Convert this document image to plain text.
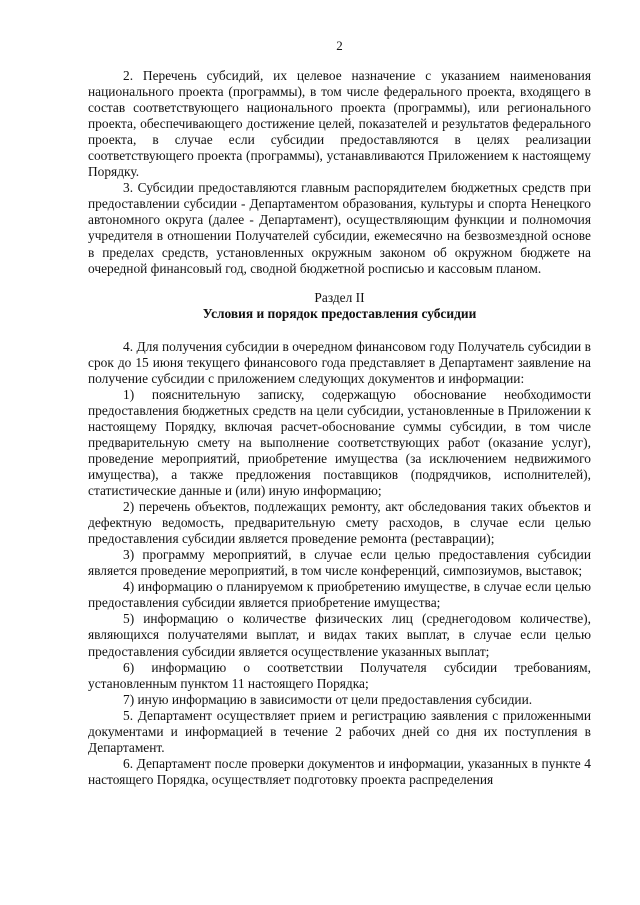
2

2. Перечень субсидий, их целевое назначение с указанием наименования национального проекта (программы), в том числе федерального проекта, входящего в состав соответствующего национального проекта (программы), или регионального проекта, обеспечивающего достижение целей, показателей и результатов федерального проекта, в случае если субсидии предоставляются в целях реализации соответствующего проекта (программы), устанавливаются Приложением к настоящему Порядку.

3. Субсидии предоставляются главным распорядителем бюджетных средств при предоставлении субсидии - Департаментом образования, культуры и спорта Ненецкого автономного округа (далее - Департамент), осуществляющим функции и полномочия учредителя в отношении Получателей субсидии, ежемесячно на безвозмездной основе в пределах средств, установленных окружным законом об окружном бюджете на очередной финансовый год, сводной бюджетной росписью и кассовым планом.

Раздел II

Условия и порядок предоставления субсидии

4. Для получения субсидии в очередном финансовом году Получатель субсидии в срок до 15 июня текущего финансового года представляет в Департамент заявление на получение субсидии с приложением следующих документов и информации:

1) пояснительную записку, содержащую обоснование необходимости предоставления бюджетных средств на цели субсидии, установленные в Приложении к настоящему Порядку, включая расчет-обоснование суммы субсидии, в том числе предварительную смету на выполнение соответствующих работ (оказание услуг), проведение мероприятий, приобретение имущества (за исключением недвижимого имущества), а также предложения поставщиков (подрядчиков, исполнителей), статистические данные и (или) иную информацию;

2) перечень объектов, подлежащих ремонту, акт обследования таких объектов и дефектную ведомость, предварительную смету расходов, в случае если целью предоставления субсидии является проведение ремонта (реставрации);

3) программу мероприятий, в случае если целью предоставления субсидии является проведение мероприятий, в том числе конференций, симпозиумов, выставок;

4) информацию о планируемом к приобретению имуществе, в случае если целью предоставления субсидии является приобретение имущества;

5) информацию о количестве физических лиц (среднегодовом количестве), являющихся получателями выплат, и видах таких выплат, в случае если целью предоставления субсидии является осуществление указанных выплат;

6) информацию о соответствии Получателя субсидии требованиям, установленным пунктом 11 настоящего Порядка;

7) иную информацию в зависимости от цели предоставления субсидии.

5. Департамент осуществляет прием и регистрацию заявления с приложенными документами и информацией в течение 2 рабочих дней со дня их поступления в Департамент.

6. Департамент после проверки документов и информации, указанных в пункте 4 настоящего Порядка, осуществляет подготовку проекта распределения
